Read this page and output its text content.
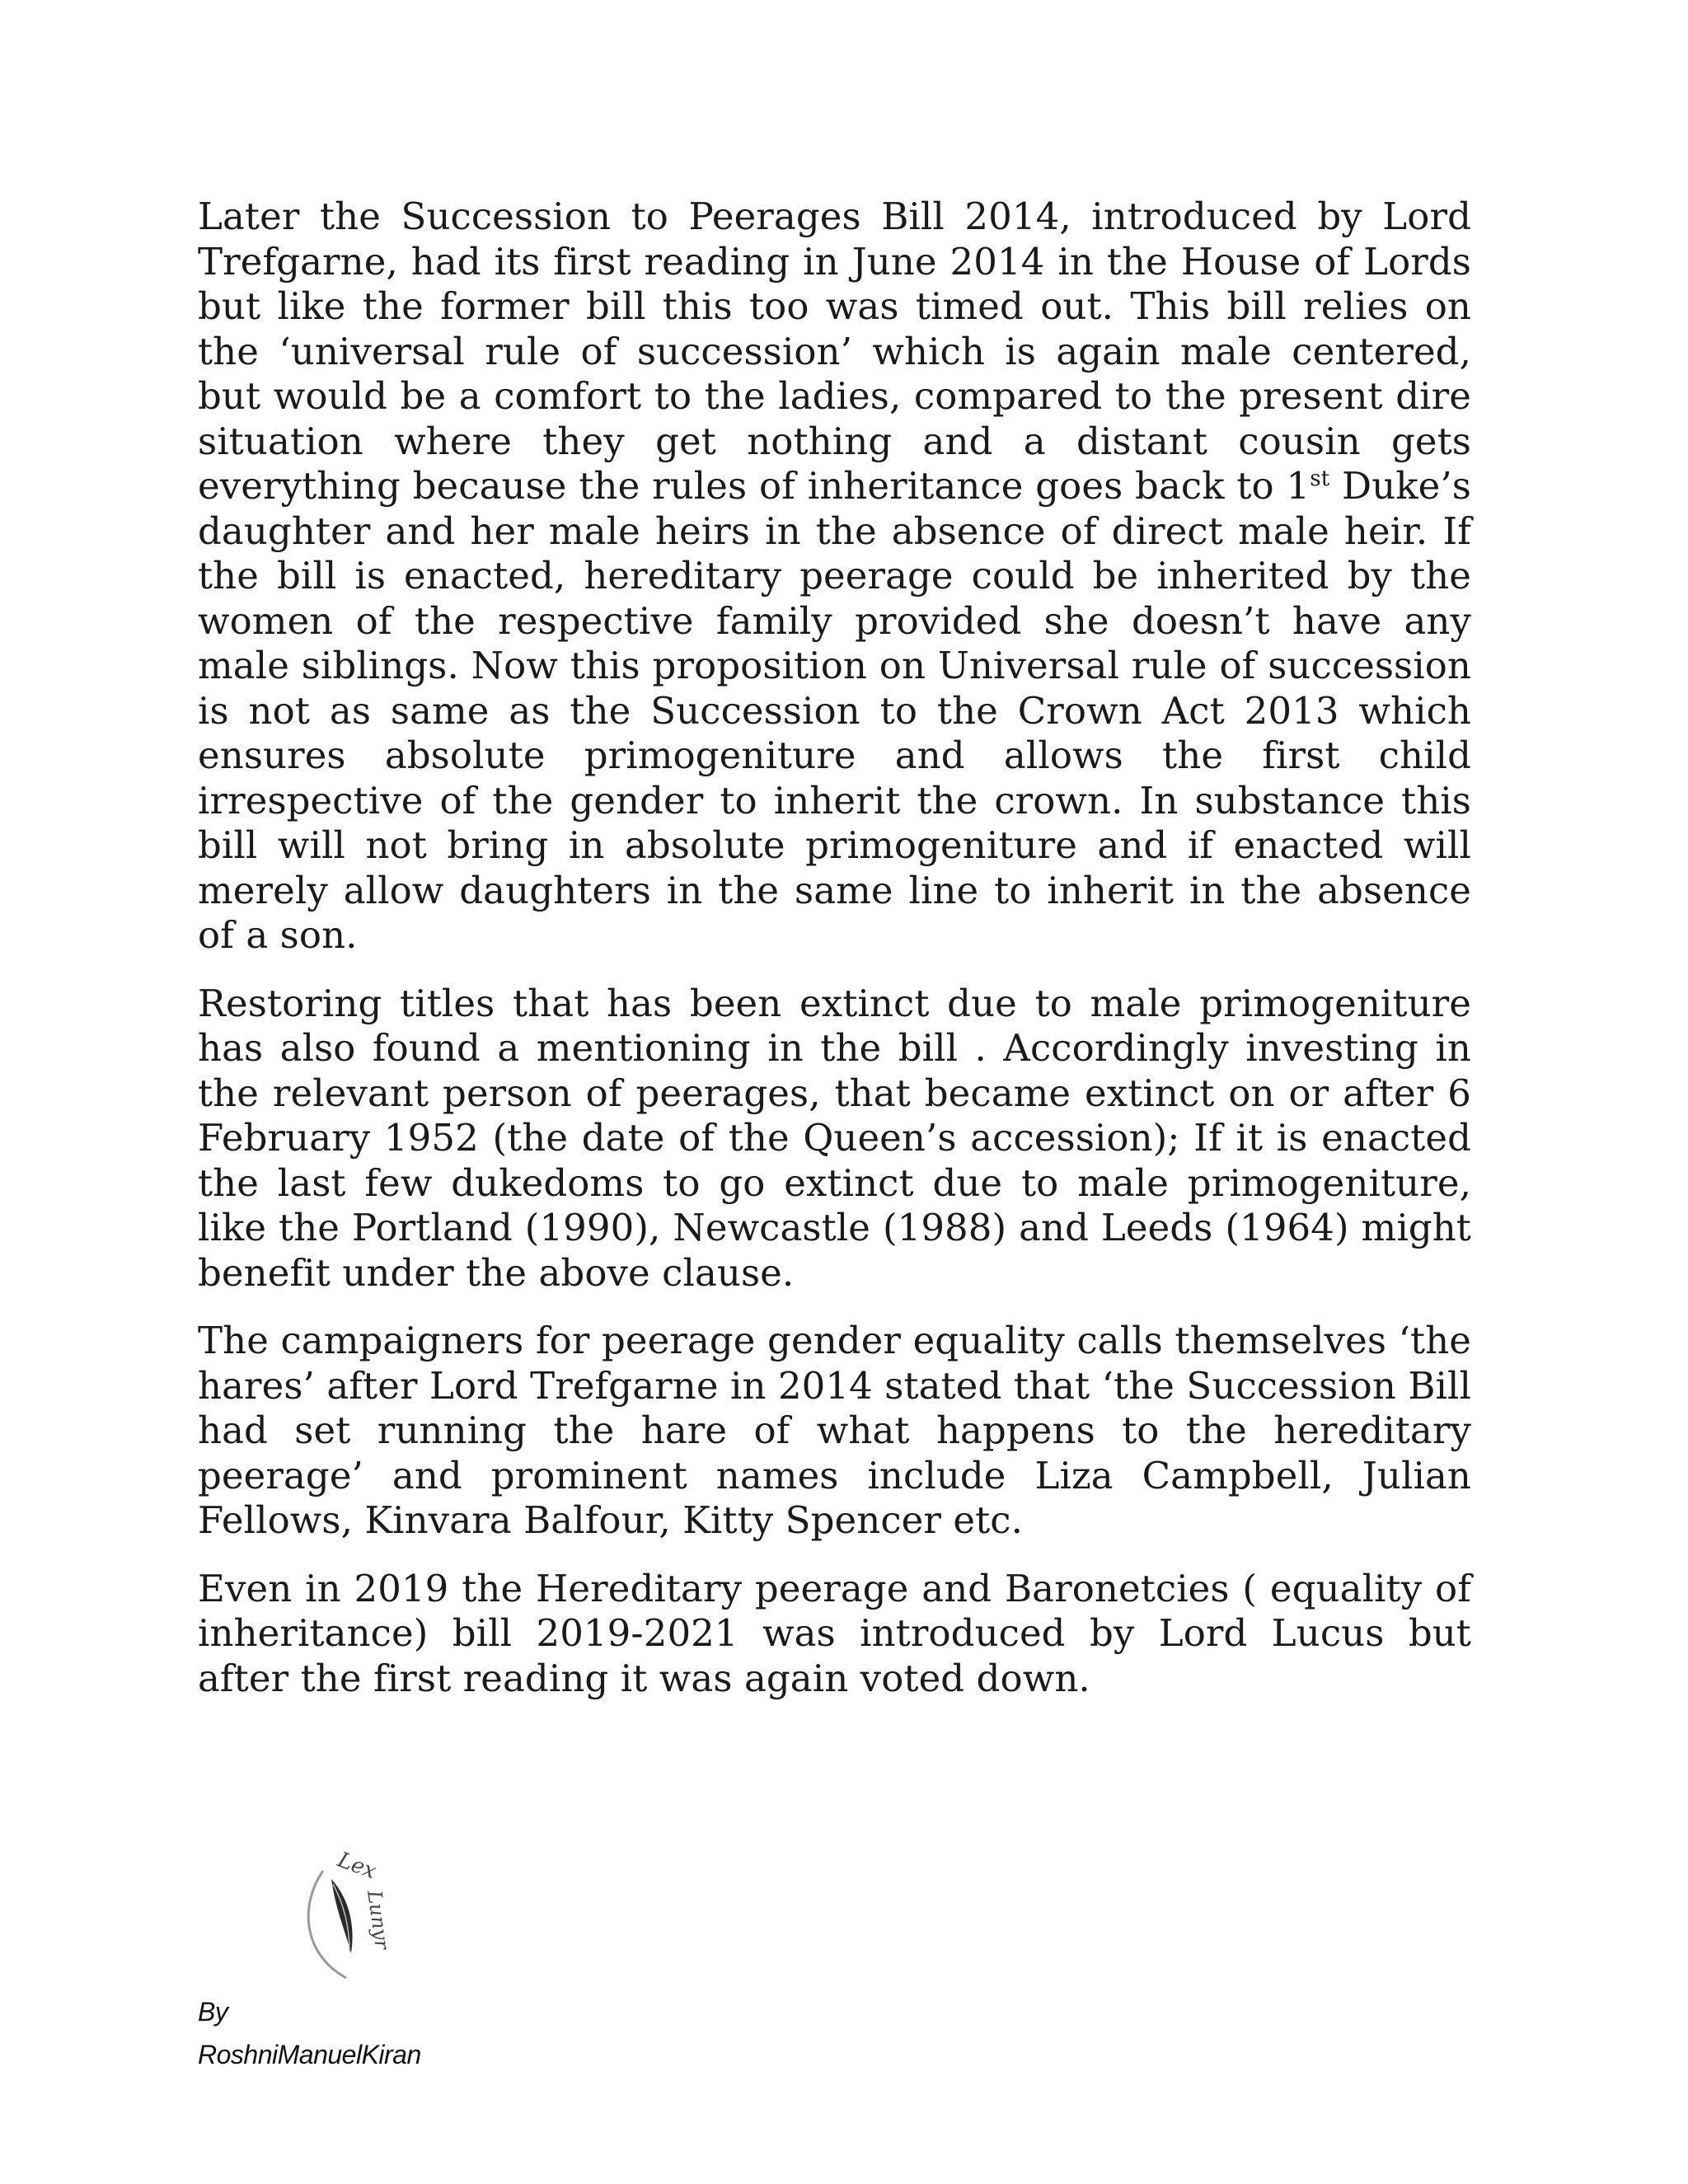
Later the Succession to Peerages Bill 2014, introduced by Lord Trefgarne, had its first reading in June 2014 in the House of Lords but like the former bill this too was timed out. This bill relies on the ‘universal rule of succession’ which is again male centered, but would be a comfort to the ladies, compared to the present dire situation where they get nothing and a distant cousin gets everything because the rules of inheritance goes back to 1st Duke’s daughter and her male heirs in the absence of direct male heir. If the bill is enacted, hereditary peerage could be inherited by the women of the respective family provided she doesn’t have any male siblings. Now this proposition on Universal rule of succession is not as same as the Succession to the Crown Act 2013 which ensures absolute primogeniture and allows the first child irrespective of the gender to inherit the crown. In substance this bill will not bring in absolute primogeniture and if enacted will merely allow daughters in the same line to inherit in the absence of a son.

Restoring titles that has been extinct due to male primogeniture has also found a mentioning in the bill . Accordingly investing in the relevant person of peerages, that became extinct on or after 6 February 1952 (the date of the Queen’s accession); If it is enacted the last few dukedoms to go extinct due to male primogeniture, like the Portland (1990), Newcastle (1988) and Leeds (1964) might benefit under the above clause.

The campaigners for peerage gender equality calls themselves ‘the hares’ after Lord Trefgarne in 2014 stated that ‘the Succession Bill had set running the hare of what happens to the hereditary peerage’ and prominent names include Liza Campbell, Julian Fellows, Kinvara Balfour, Kitty Spencer etc.

Even in 2019 the Hereditary peerage and Baronetcies ( equality of inheritance) bill 2019-2021 was introduced by Lord Lucus but after the first reading it was again voted down.

Lex
Lunyr
By
RoshniManuelKiran
